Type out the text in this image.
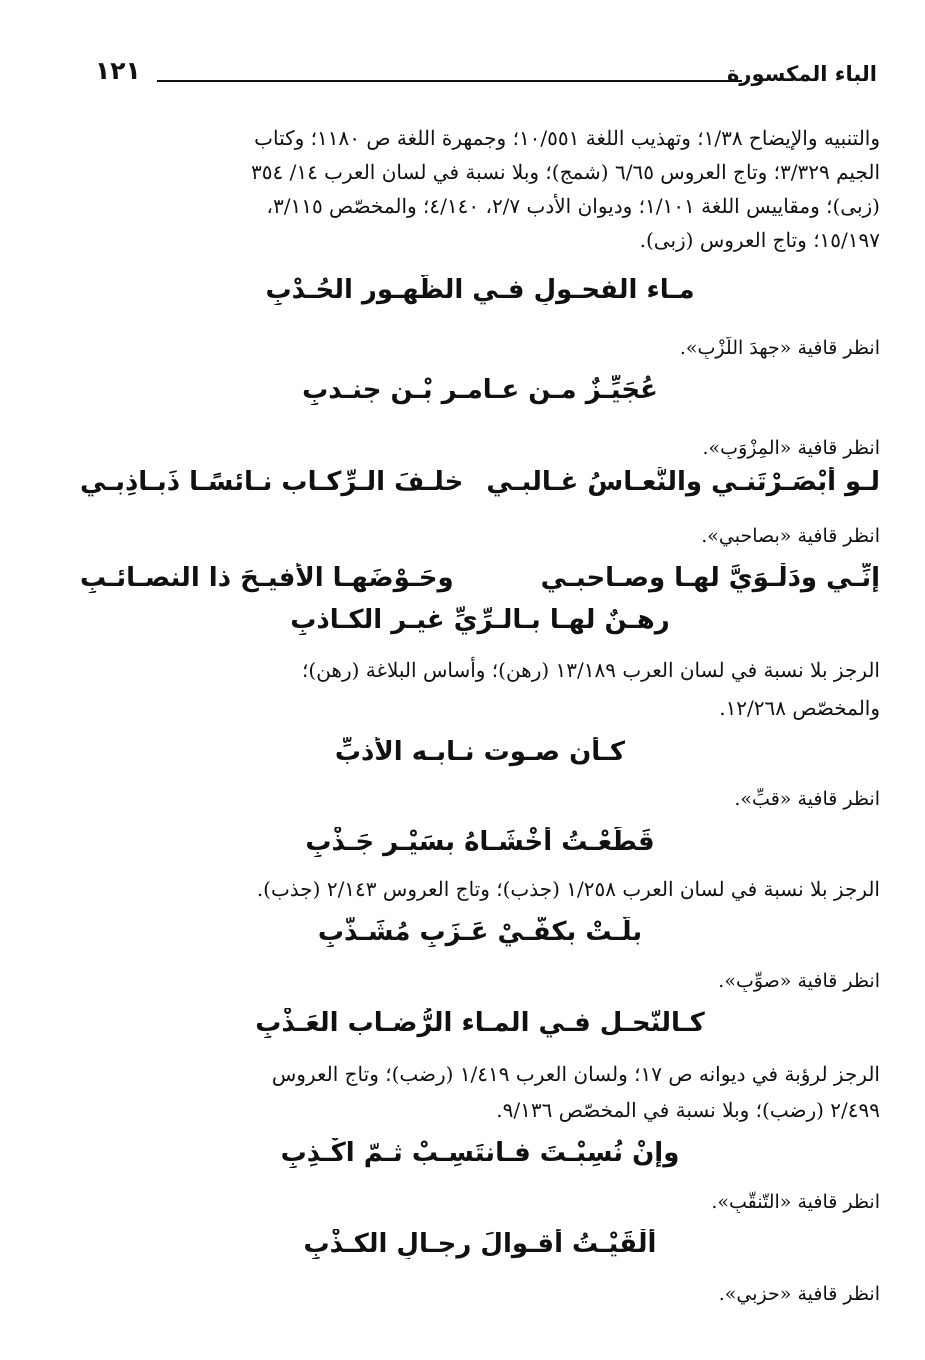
الباء المكسورة
١٢١
والتنبيه والإيضاح ١/٣٨؛ وتهذيب اللغة ١٠/٥٥١؛ وجمهرة اللغة ص ١١٨٠؛ وكتاب
الجيم ٣/٣٢٩؛ وتاج العروس ٦/٦٥ (شمج)؛ وبلا نسبة في لسان العرب ١٤/ ٣٥٤
(زبى)؛ ومقاييس اللغة ١/١٠١؛ وديوان الأدب ٢/٧، ٤/١٤٠؛ والمخصّص ٣/١١٥،
١٥/١٩٧؛ وتاج العروس (زبى).
مـاء الفحـولِ فـي الظُّهـور الحُـدْبِ
انظر قافية «جهدَ اللّزْبِ».
عُجَيِّـزٌ مـن عـامـرِ بْـنِ جنـدبِ
انظر قافية «المِزْوَبِ».
لـو أبْصَـرْتَنـي والنُّعـاسُ غـالبـي
خلـفَ الـرِّكـاب نـائسًـا ذَبـاذِبـي
انظر قافية «بصاحبي».
إنِّـي ودَلْـوَيَّ لهـا وصـاحبـي
وحَـوْضَهـا الأفيـحَ ذا النصـائـبِ
رهـنٌ لهـا بـالـرِّيِّ غيـر الكـاذبِ
الرجز بلا نسبة في لسان العرب ١٣/١٨٩ (رهن)؛ وأساس البلاغة (رهن)؛
والمخصّص ١٢/٢٦٨.
كـأن صـوت نـابـه الأذبِّ
انظر قافية «قبِّ».
قَطَعْـتُ أخْشَـاهُ بسَيْـرٍ جَـذْبِ
الرجز بلا نسبة في لسان العرب ١/٢٥٨ (جذب)؛ وتاج العروس ٢/١٤٣ (جذب).
بلَّـتْ بكفَّـيْ عَـزَبٍ مُشَـذَّبِ
انظر قافية «صوِّبِ».
كـالنّحـل فـي المـاء الرُّضـاب العَـذْبِ
الرجز لرؤبة في ديوانه ص ١٧؛ ولسان العرب ١/٤١٩ (رضب)؛ وتاج العروس
٢/٤٩٩ (رضب)؛ وبلا نسبة في المخصّص ٩/١٣٦.
وإنْ نُسِبْـتَ فـانتَسِـبْ ثـمّ اكْـذِبِ
انظر قافية «التّنقُّبِ».
ألْقَيْـتُ أقـوالَ رجـالِ الكـذْبِ
انظر قافية «حزبي».
